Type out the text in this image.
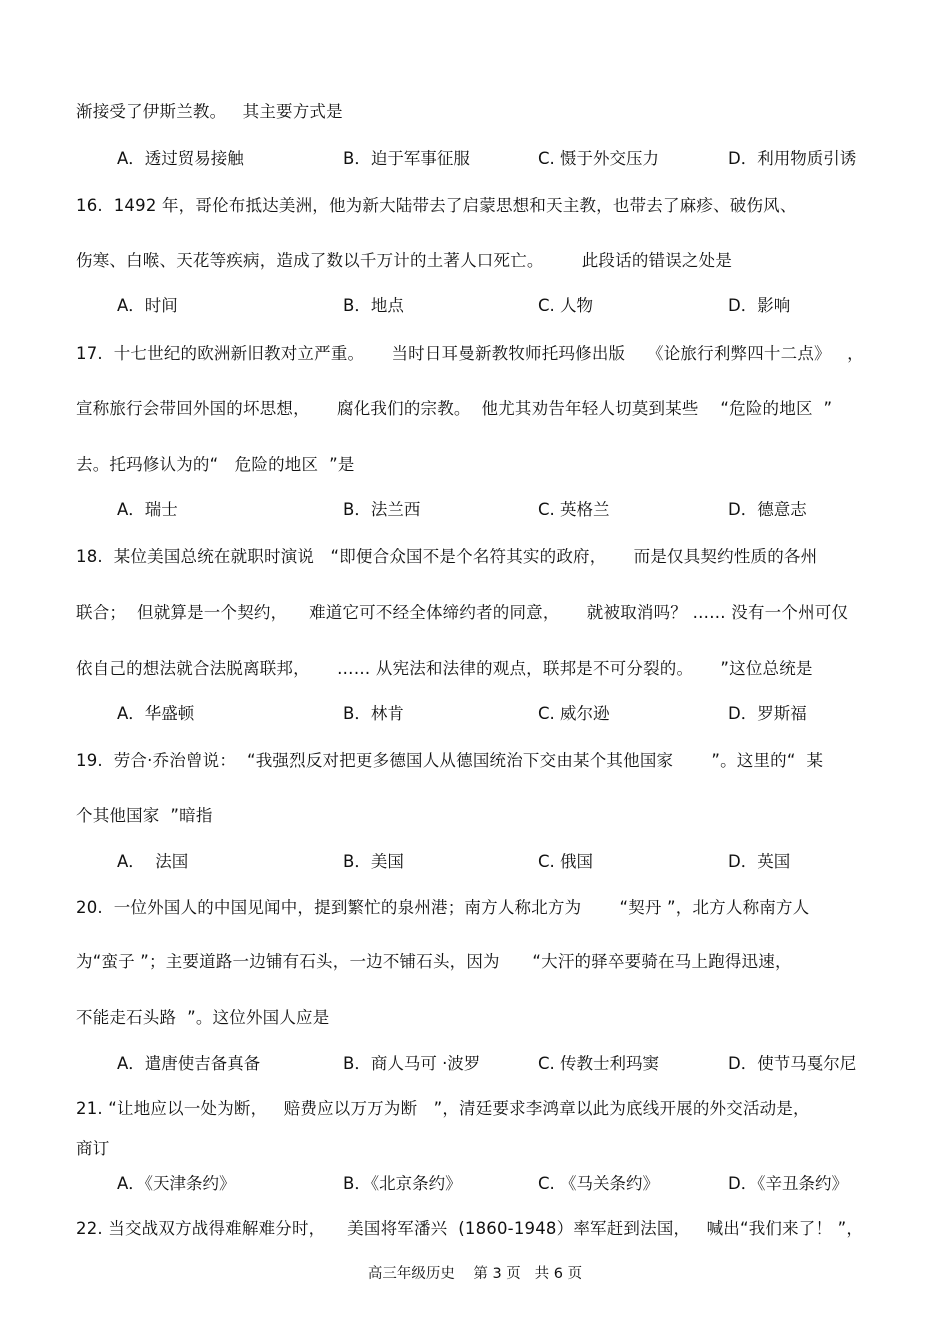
渐接受了伊斯兰教。   其主要方式是
A．透过贸易接触	B．迫于军事征服	C. 慑于外交压力	D．利用物质引诱
16.  1492 年，哥伦布抵达美洲，他为新大陆带去了启蒙思想和天主教，也带去了麻疹、破伤风、
伤寒、白喉、天花等疾病，造成了数以千万计的土著人口死亡。       此段话的错误之处是
A．时间	B．地点	C. 人物	D．影响
17.  十七世纪的欧洲新旧教对立严重。     当时日耳曼新教牧师托玛修出版    《论旅行利弊四十二点》   ，
宣称旅行会带回外国的坏思想，     腐化我们的宗教。  他尤其劝告年轻人切莫到某些    “危险的地区  ”
去。托玛修认为的“   危险的地区  ”是
A．瑞士	B．法兰西	C. 英格兰	D．德意志
18.  某位美国总统在就职时演说   “即便合众国不是个名符其实的政府，     而是仅具契约性质的各州
联合；  但就算是一个契约，    难道它可不经全体缔约者的同意，     就被取消吗？ …… 没有一个州可仅
依自己的想法就合法脱离联邦，     …… 从宪法和法律的观点，联邦是不可分裂的。     ”这位总统是
A．华盛顿	B．林肯	C. 威尔逊	D．罗斯福
19.  劳合·乔治曾说：  “我强烈反对把更多德国人从德国统治下交由某个其他国家       ”。这里的“  某
个其他国家  ”暗指
A．  法国	B．美国	C. 俄国	D．英国
20.  一位外国人的中国见闻中，提到繁忙的泉州港；南方人称北方为       “契丹 ”，北方人称南方人
为“蛮子 ”；主要道路一边铺有石头，一边不铺石头，因为      “大汗的驿卒要骑在马上跑得迅速，
不能走石头路  ”。这位外国人应是
A．遣唐使吉备真备	B．商人马可 ·波罗	C. 传教士利玛窦	D．使节马戛尔尼
21. “让地应以一处为断，   赔费应以万万为断   ”，清廷要求李鸿章以此为底线开展的外交活动是，
商订
A．《天津条约》	B．《北京条约》	C. 《马关条约》	D．《辛丑条约》
22. 当交战双方战得难解难分时，    美国将军潘兴  (1860-1948）率军赶到法国，   喊出“我们来了！ ”，
高三年级历史    第 3 页   共 6 页
